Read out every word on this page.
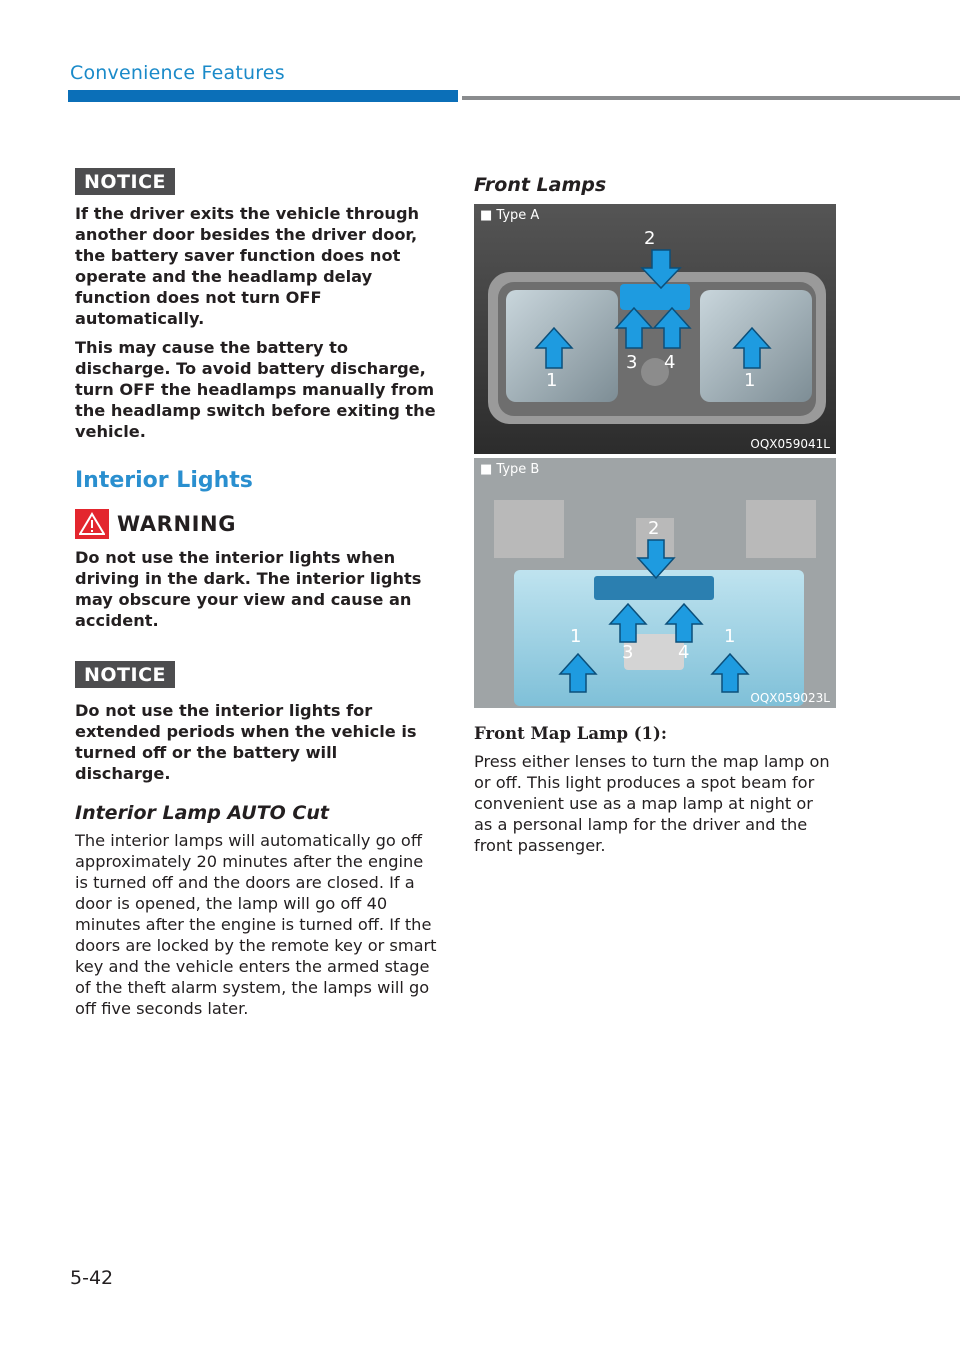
Convenience Features
NOTICE

If the driver exits the vehicle through another door besides the driver door, the battery saver function does not operate and the headlamp delay function does not turn OFF automatically.

This may cause the battery to discharge. To avoid battery discharge, turn OFF the headlamps manually from the headlamp switch before exiting the vehicle.

Interior Lights
WARNING

Do not use the interior lights when driving in the dark. The interior lights may obscure your view and cause an accident.

NOTICE

Do not use the interior lights for extended periods when the vehicle is turned off or the battery will discharge.

Interior Lamp AUTO Cut

The interior lamps will automatically go off approximately 20 minutes after the engine is turned off and the doors are closed. If a door is opened, the lamp will go off 40 minutes after the engine is turned off. If the doors are locked by the remote key or smart key and the vehicle enters the armed stage of the theft alarm system, the lamps will go off five seconds later.

Front Lamps
■ Type A
2
1
3 4
1
OQX059041L
■ Type B
2
1
3 4
1
OQX059023L
Front Map Lamp (1):

Press either lenses to turn the map lamp on or off. This light produces a spot beam for convenient use as a map lamp at night or as a personal lamp for the driver and the front passenger.

5-42
